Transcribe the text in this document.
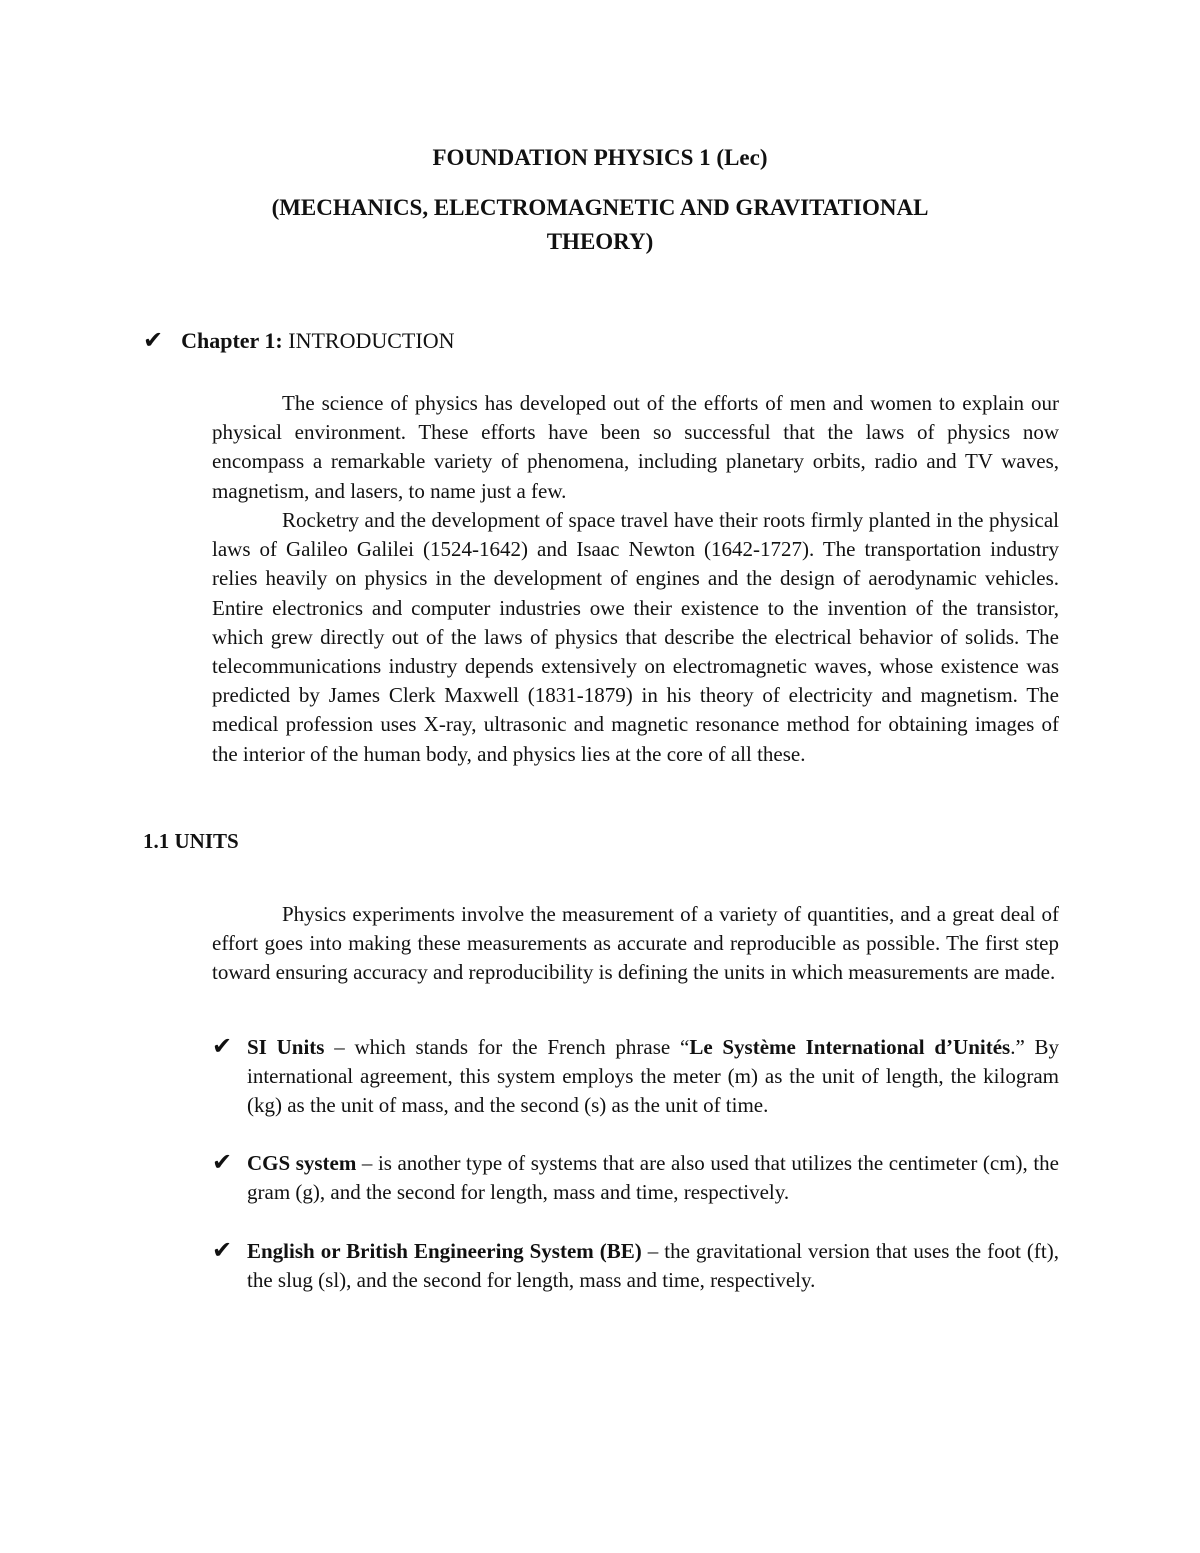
FOUNDATION PHYSICS 1 (Lec)
(MECHANICS, ELECTROMAGNETIC AND GRAVITATIONAL
THEORY)

✔ Chapter 1: INTRODUCTION

The science of physics has developed out of the efforts of men and women to explain our physical environment. These efforts have been so successful that the laws of physics now encompass a remarkable variety of phenomena, including planetary orbits, radio and TV waves, magnetism, and lasers, to name just a few.

Rocketry and the development of space travel have their roots firmly planted in the physical laws of Galileo Galilei (1524-1642) and Isaac Newton (1642-1727). The transportation industry relies heavily on physics in the development of engines and the design of aerodynamic vehicles. Entire electronics and computer industries owe their existence to the invention of the transistor, which grew directly out of the laws of physics that describe the electrical behavior of solids. The telecommunications industry depends extensively on electromagnetic waves, whose existence was predicted by James Clerk Maxwell (1831-1879) in his theory of electricity and magnetism. The medical profession uses X-ray, ultrasonic and magnetic resonance method for obtaining images of the interior of the human body, and physics lies at the core of all these.

1.1 UNITS

Physics experiments involve the measurement of a variety of quantities, and a great deal of effort goes into making these measurements as accurate and reproducible as possible. The first step toward ensuring accuracy and reproducibility is defining the units in which measurements are made.

✔ SI Units – which stands for the French phrase “Le Système International d’Unités.” By international agreement, this system employs the meter (m) as the unit of length, the kilogram (kg) as the unit of mass, and the second (s) as the unit of time.
✔ CGS system – is another type of systems that are also used that utilizes the centimeter (cm), the gram (g), and the second for length, mass and time, respectively.
✔ English or British Engineering System (BE) – the gravitational version that uses the foot (ft), the slug (sl), and the second for length, mass and time, respectively.
